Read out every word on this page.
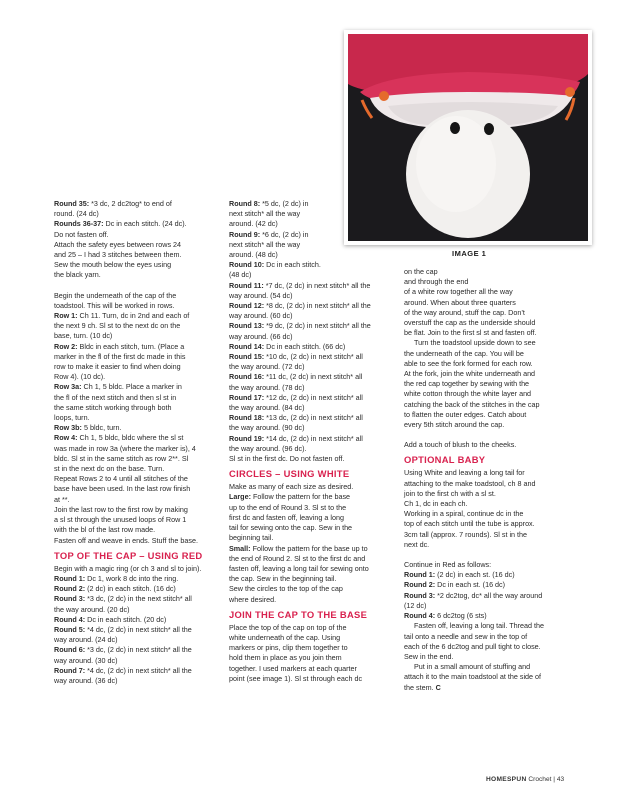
IMAGE 1

Round 35: *3 dc, 2 dc2tog* to end of

round. (24 dc)

Rounds 36-37: Dc in each stitch. (24 dc).

Do not fasten off.

Attach the safety eyes between rows 24

and 25 – I had 3 stitches between them.

Sew the mouth below the eyes using

the black yarn.

Begin the underneath of the cap of the

toadstool. This will be worked in rows.

Row 1: Ch 11. Turn, dc in 2nd and each of

the next 9 ch. Sl st to the next dc on the

base, turn. (10 dc)

Row 2: Bldc in each stitch, turn. (Place a

marker in the fl of the first dc made in this

row to make it easier to find when doing

Row 4). (10 dc).

Row 3a: Ch 1, 5 bldc. Place a marker in

the fl of the next stitch and then sl st in

the same stitch working through both

loops, turn.

Row 3b: 5 bldc, turn.

Row 4: Ch 1, 5 bldc, bldc where the sl st

was made in row 3a (where the marker is), 4

bldc. Sl st in the same stitch as row 2**. Sl

st in the next dc on the base. Turn.

Repeat Rows 2 to 4 until all stitches of the

base have been used. In the last row finish

at **.

Join the last row to the first row by making

a sl st through the unused loops of Row 1

with the bl of the last row made.

Fasten off and weave in ends. Stuff the base.

TOP OF THE CAP – USING RED

Begin with a magic ring (or ch 3 and sl to join).

Round 1: Dc 1, work 8 dc into the ring.

Round 2: (2 dc) in each stitch. (16 dc)

Round 3: *3 dc, (2 dc) in the next stitch* all

the way around. (20 dc)

Round 4: Dc in each stitch. (20 dc)

Round 5: *4 dc, (2 dc) in next stitch* all the

way around. (24 dc)

Round 6: *3 dc, (2 dc) in next stitch* all the

way around. (30 dc)

Round 7: *4 dc, (2 dc) in next stitch* all the

way around. (36 dc)

Round 8: *5 dc, (2 dc) in

next stitch* all the way

around. (42 dc)

Round 9: *6 dc, (2 dc) in

next stitch* all the way

around. (48 dc)

Round 10: Dc in each stitch.

(48 dc)

Round 11: *7 dc, (2 dc) in next stitch* all the

way around. (54 dc)

Round 12: *8 dc, (2 dc) in next stitch* all the

way around. (60 dc)

Round 13: *9 dc, (2 dc) in next stitch* all the

way around. (66 dc)

Round 14: Dc in each stitch. (66 dc)

Round 15: *10 dc, (2 dc) in next stitch* all

the way around. (72 dc)

Round 16: *11 dc, (2 dc) in next stitch* all

the way around. (78 dc)

Round 17: *12 dc, (2 dc) in next stitch* all

the way around. (84 dc)

Round 18: *13 dc, (2 dc) in next stitch* all

the way around. (90 dc)

Round 19: *14 dc, (2 dc) in next stitch* all

the way around. (96 dc).

Sl st in the first dc. Do not fasten off.

CIRCLES – USING WHITE

Make as many of each size as desired.

Large: Follow the pattern for the base

up to the end of Round 3. Sl st to the

first dc and fasten off, leaving a long

tail for sewing onto the cap. Sew in the

beginning tail.

Small: Follow the pattern for the base up to

the end of Round 2. Sl st to the first dc and

fasten off, leaving a long tail for sewing onto

the cap. Sew in the beginning tail.

Sew the circles to the top of the cap

where desired.

JOIN THE CAP TO THE BASE

Place the top of the cap on top of the

white underneath of the cap. Using

markers or pins, clip them together to

hold them in place as you join them

together. I used markers at each quarter

point (see image 1). Sl st through each dc

on the cap

and through the end

of a white row together all the way

around. When about three quarters

of the way around, stuff the cap. Don’t

overstuff the cap as the underside should

be flat. Join to the first sl st and fasten off.

Turn the toadstool upside down to see

the underneath of the cap. You will be

able to see the fork formed for each row.

At the fork, join the white underneath and

the red cap together by sewing with the

white cotton through the white layer and

catching the back of the stitches in the cap

to flatten the outer edges. Catch about

every 5th stitch around the cap.

Add a touch of blush to the cheeks.

OPTIONAL BABY

Using White and leaving a long tail for

attaching to the make toadstool, ch 8 and

join to the first ch with a sl st.

Ch 1, dc in each ch.

Working in a spiral, continue dc in the

top of each stitch until the tube is approx.

3cm tall (approx. 7 rounds). Sl st in the

next dc.

Continue in Red as follows:

Round 1: (2 dc) in each st. (16 dc)

Round 2: Dc in each st. (16 dc)

Round 3: *2 dc2tog, dc* all the way around

(12 dc)

Round 4: 6 dc2tog (6 sts)

Fasten off, leaving a long tail. Thread the

tail onto a needle and sew in the top of

each of the 6 dc2tog and pull tight to close.

Sew in the end.

Put in a small amount of stuffing and

attach it to the main toadstool at the side of

the stem. C

HOMESPUN Crochet | 43
PassionForum.ru
